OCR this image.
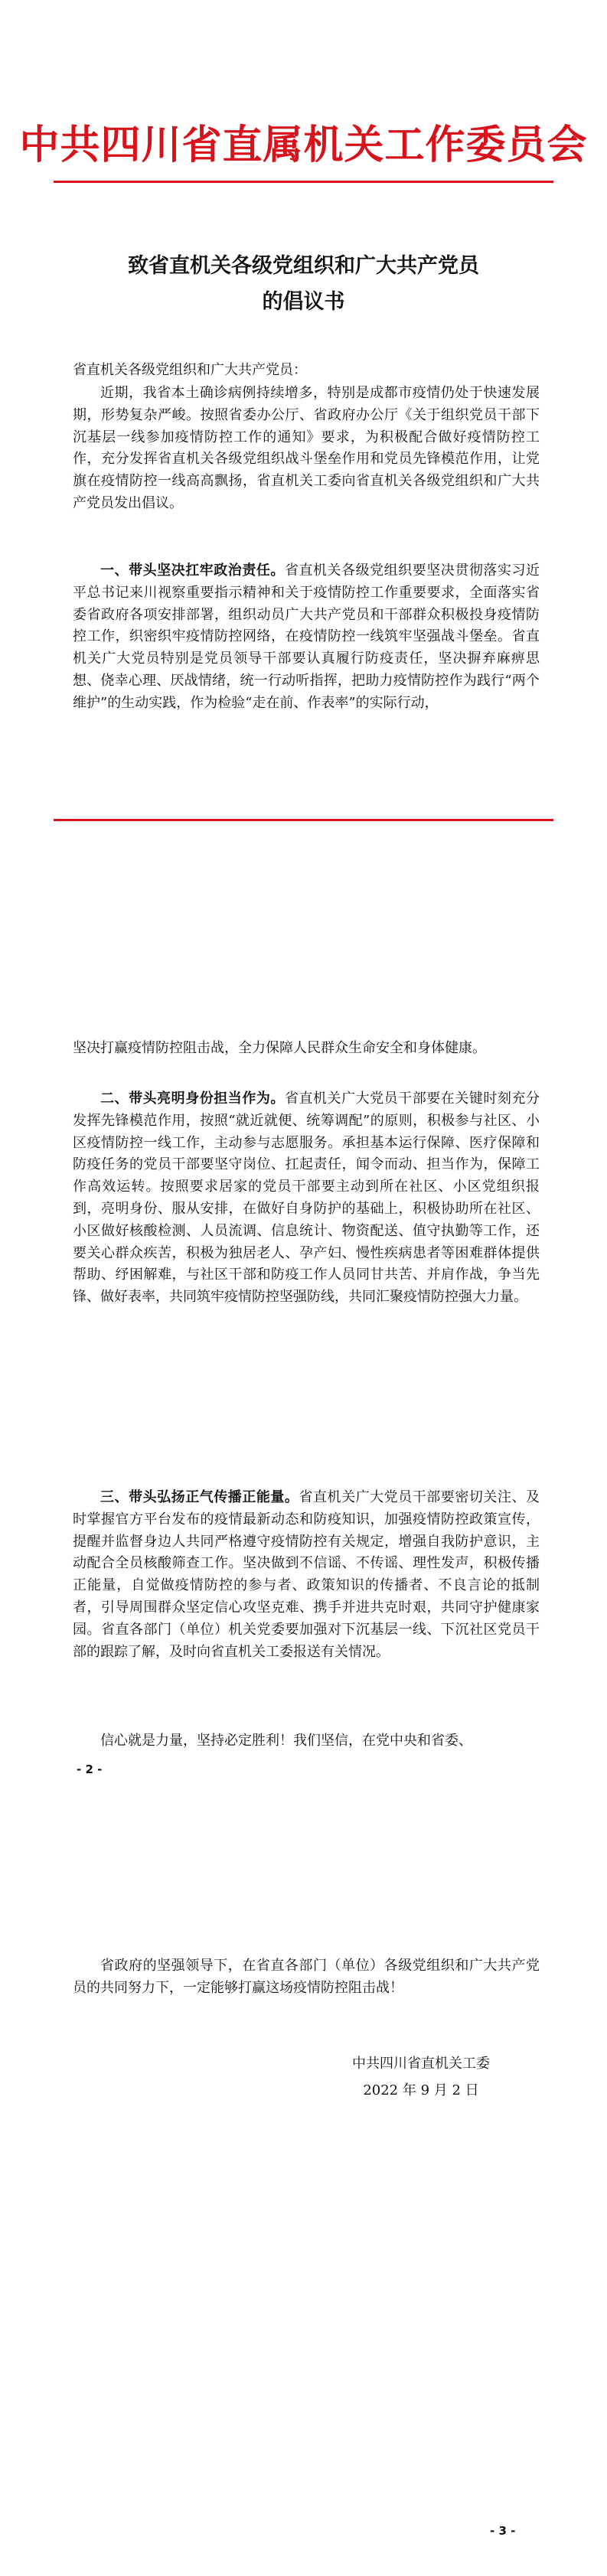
中共四川省直属机关工作委员会
致省直机关各级党组织和广大共产党员
的倡议书
省直机关各级党组织和广大共产党员：
近期，我省本土确诊病例持续增多，特别是成都市疫情仍处于快速发展期，形势复杂严峻。按照省委办公厅、省政府办公厅《关于组织党员干部下沉基层一线参加疫情防控工作的通知》要求，为积极配合做好疫情防控工作，充分发挥省直机关各级党组织战斗堡垒作用和党员先锋模范作用，让党旗在疫情防控一线高高飘扬，省直机关工委向省直机关各级党组织和广大共产党员发出倡议。
一、带头坚决扛牢政治责任。省直机关各级党组织要坚决贯彻落实习近平总书记来川视察重要指示精神和关于疫情防控工作重要要求，全面落实省委省政府各项安排部署，组织动员广大共产党员和干部群众积极投身疫情防控工作，织密织牢疫情防控网络，在疫情防控一线筑牢坚强战斗堡垒。省直机关广大党员特别是党员领导干部要认真履行防疫责任，坚决摒弃麻痹思想、侥幸心理、厌战情绪，统一行动听指挥，把助力疫情防控作为践行“两个维护”的生动实践，作为检验“走在前、作表率”的实际行动，
坚决打赢疫情防控阻击战，全力保障人民群众生命安全和身体健康。
二、带头亮明身份担当作为。省直机关广大党员干部要在关键时刻充分发挥先锋模范作用，按照“就近就便、统筹调配”的原则，积极参与社区、小区疫情防控一线工作，主动参与志愿服务。承担基本运行保障、医疗保障和防疫任务的党员干部要坚守岗位、扛起责任，闻令而动、担当作为，保障工作高效运转。按照要求居家的党员干部要主动到所在社区、小区党组织报到，亮明身份、服从安排，在做好自身防护的基础上，积极协助所在社区、小区做好核酸检测、人员流调、信息统计、物资配送、值守执勤等工作，还要关心群众疾苦，积极为独居老人、孕产妇、慢性疾病患者等困难群体提供帮助、纾困解难，与社区干部和防疫工作人员同甘共苦、并肩作战，争当先锋、做好表率，共同筑牢疫情防控坚强防线，共同汇聚疫情防控强大力量。
三、带头弘扬正气传播正能量。省直机关广大党员干部要密切关注、及时掌握官方平台发布的疫情最新动态和防疫知识，加强疫情防控政策宣传，提醒并监督身边人共同严格遵守疫情防控有关规定，增强自我防护意识，主动配合全员核酸筛查工作。坚决做到不信谣、不传谣、理性发声，积极传播正能量，自觉做疫情防控的参与者、政策知识的传播者、不良言论的抵制者，引导周围群众坚定信心攻坚克难、携手并进共克时艰，共同守护健康家园。省直各部门（单位）机关党委要加强对下沉基层一线、下沉社区党员干部的跟踪了解，及时向省直机关工委报送有关情况。
信心就是力量，坚持必定胜利！我们坚信，在党中央和省委、
- 2 -
省政府的坚强领导下，在省直各部门（单位）各级党组织和广大共产党员的共同努力下，一定能够打赢这场疫情防控阻击战！
中共四川省直机关工委
2022 年 9 月 2 日
- 3 -
